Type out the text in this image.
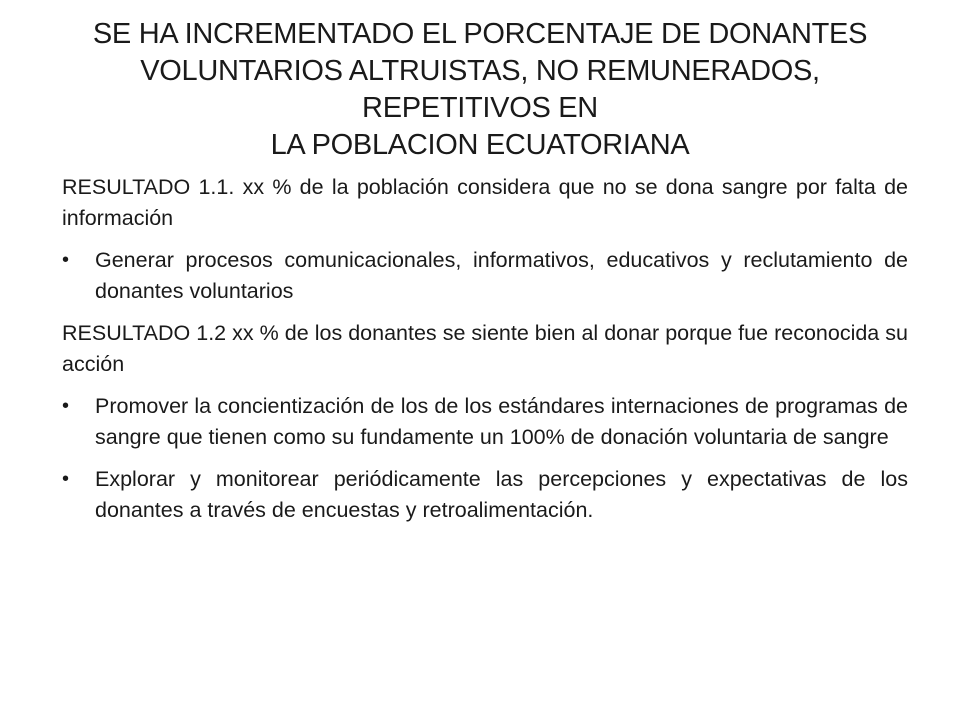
SE HA INCREMENTADO EL PORCENTAJE DE DONANTES
VOLUNTARIOS ALTRUISTAS, NO REMUNERADOS, REPETITIVOS EN
LA POBLACION ECUATORIANA

RESULTADO 1.1. xx % de la población considera que no se dona sangre por falta de información

• Generar procesos comunicacionales, informativos, educativos y reclutamiento de donantes voluntarios

RESULTADO 1.2 xx % de los donantes se siente bien al donar porque fue reconocida su acción

• Promover la concientización de los de los estándares internaciones de programas de sangre que tienen como su fundamente un 100% de donación voluntaria de sangre
• Explorar y monitorear periódicamente las percepciones y expectativas de los donantes a través de encuestas y retroalimentación.
